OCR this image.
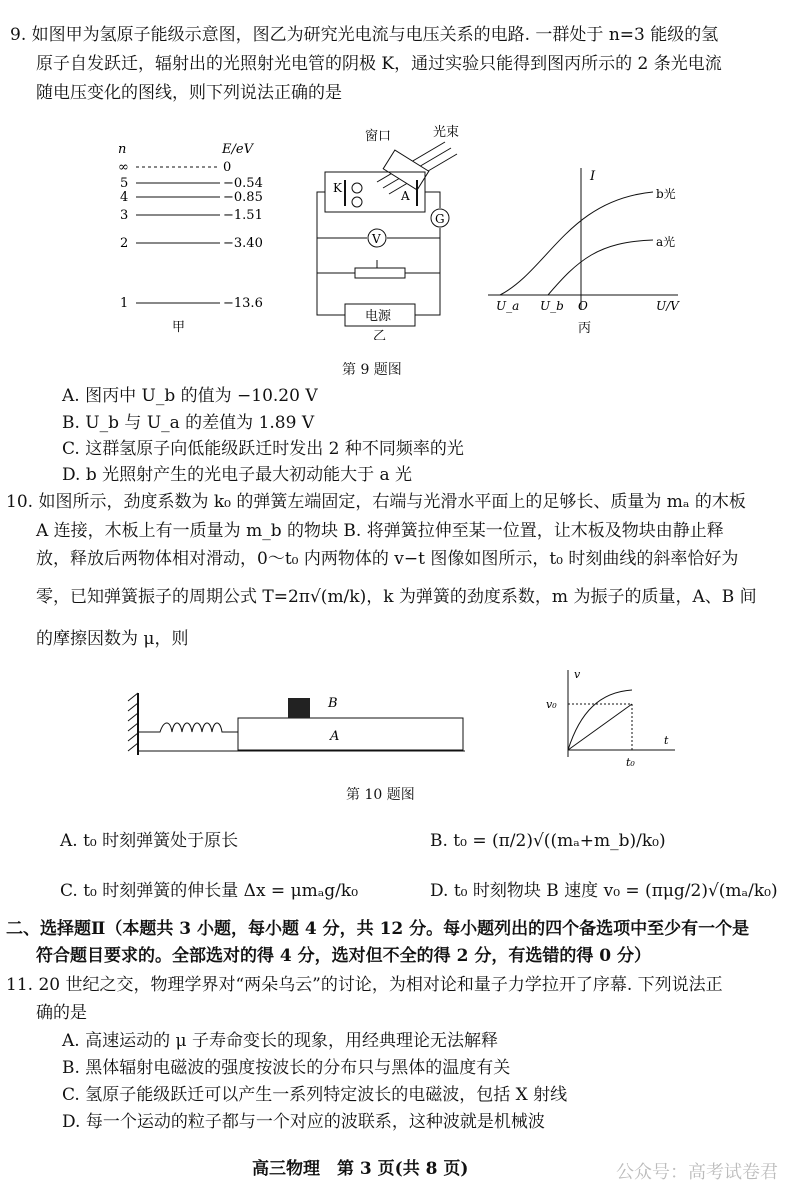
9. 如图甲为氢原子能级示意图，图乙为研究光电流与电压关系的电路. 一群处于 n=3 能级的氢
原子自发跃迁，辐射出的光照射光电管的阴极 K，通过实验只能得到图丙所示的 2 条光电流
随电压变化的图线，则下列说法正确的是
n	E/eV
∞	0
5	−0.54
4	−0.85
3	−1.51
2	−3.40
1	−13.6
甲
窗口	光束
K
A
G
V
电源
乙
I
U/V
O
U_a U_b
b光
a光
丙
第 9 题图
A. 图丙中 U_b 的值为 −10.20 V
B. U_b 与 U_a 的差值为 1.89 V
C. 这群氢原子向低能级跃迁时发出 2 种不同频率的光
D. b 光照射产生的光电子最大初动能大于 a 光
10. 如图所示，劲度系数为 k₀ 的弹簧左端固定，右端与光滑水平面上的足够长、质量为 mₐ 的木板
A 连接，木板上有一质量为 m_b 的物块 B. 将弹簧拉伸至某一位置，让木板及物块由静止释
放，释放后两物体相对滑动，0～t₀ 内两物体的 v−t 图像如图所示，t₀ 时刻曲线的斜率恰好为
零，已知弹簧振子的周期公式 T=2π√(m/k)，k 为弹簧的劲度系数，m 为振子的质量，A、B 间
的摩擦因数为 μ，则
A
B
v
t
v₀
t₀
第 10 题图
A. t₀ 时刻弹簧处于原长	B. t₀ = (π/2)√((mₐ+m_b)/k₀)
C. t₀ 时刻弹簧的伸长量 Δx = μmₐg/k₀	D. t₀ 时刻物块 B 速度 v₀ = (πμg/2)√(mₐ/k₀)
二、选择题Ⅱ（本题共 3 小题，每小题 4 分，共 12 分。每小题列出的四个备选项中至少有一个是
符合题目要求的。全部选对的得 4 分，选对但不全的得 2 分，有选错的得 0 分）
11. 20 世纪之交，物理学界对“两朵乌云”的讨论，为相对论和量子力学拉开了序幕. 下列说法正
确的是
A. 高速运动的 μ 子寿命变长的现象，用经典理论无法解释
B. 黑体辐射电磁波的强度按波长的分布只与黑体的温度有关
C. 氢原子能级跃迁可以产生一系列特定波长的电磁波，包括 X 射线
D. 每一个运动的粒子都与一个对应的波联系，这种波就是机械波
高三物理　第 3 页(共 8 页)	公众号：高考试卷君
